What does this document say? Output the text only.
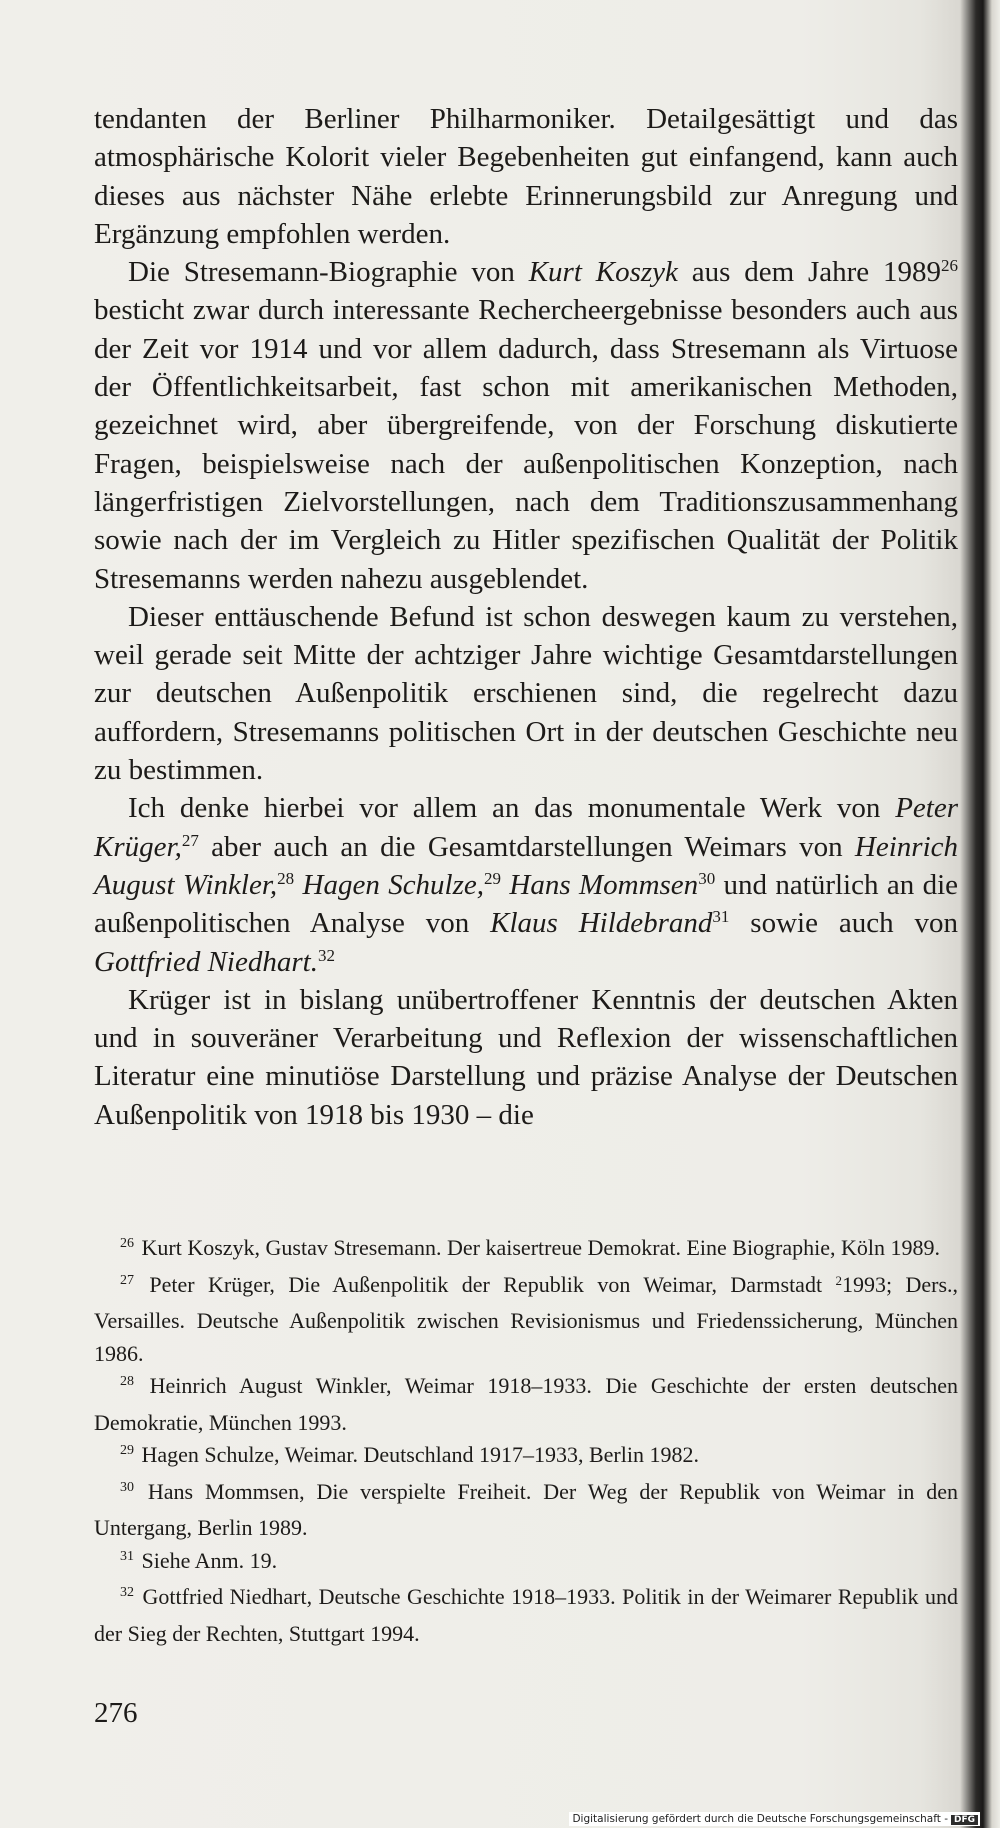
tendanten der Berliner Philharmoniker. Detailgesättigt und das atmosphärische Kolorit vieler Begebenheiten gut einfangend, kann auch dieses aus nächster Nähe erlebte Erinnerungsbild zur Anregung und Ergänzung empfohlen werden.

Die Stresemann-Biographie von Kurt Koszyk aus dem Jahre 1989$^{26}$ besticht zwar durch interessante Rechercheergebnisse besonders auch aus der Zeit vor 1914 und vor allem dadurch, dass Stresemann als Virtuose der Öffentlichkeitsarbeit, fast schon mit amerikanischen Methoden, gezeichnet wird, aber übergreifende, von der Forschung diskutierte Fragen, beispielsweise nach der außenpolitischen Konzeption, nach längerfristigen Zielvorstellungen, nach dem Traditionszusammenhang sowie nach der im Vergleich zu Hitler spezifischen Qualität der Politik Stresemanns werden nahezu ausgeblendet.

Dieser enttäuschende Befund ist schon deswegen kaum zu verstehen, weil gerade seit Mitte der achtziger Jahre wichtige Gesamtdarstellungen zur deutschen Außenpolitik erschienen sind, die regelrecht dazu auffordern, Stresemanns politischen Ort in der deutschen Geschichte neu zu bestimmen.

Ich denke hierbei vor allem an das monumentale Werk von Peter Krüger,$^{27}$ aber auch an die Gesamtdarstellungen Weimars von Heinrich August Winkler,$^{28}$ Hagen Schulze,$^{29}$ Hans Mommsen$^{30}$ und natürlich an die außenpolitischen Analyse von Klaus Hildebrand$^{31}$ sowie auch von Gottfried Niedhart.$^{32}$

Krüger ist in bislang unübertroffener Kenntnis der deutschen Akten und in souveräner Verarbeitung und Reflexion der wissenschaftlichen Literatur eine minutiöse Darstellung und präzise Analyse der Deutschen Außenpolitik von 1918 bis 1930 – die

$^{26}$ Kurt Koszyk, Gustav Stresemann. Der kaisertreue Demokrat. Eine Biographie, Köln 1989.

$^{27}$ Peter Krüger, Die Außenpolitik der Republik von Weimar, Darmstadt $^2$1993; Ders., Versailles. Deutsche Außenpolitik zwischen Revisionismus und Friedenssicherung, München 1986.

$^{28}$ Heinrich August Winkler, Weimar 1918–1933. Die Geschichte der ersten deutschen Demokratie, München 1993.

$^{29}$ Hagen Schulze, Weimar. Deutschland 1917–1933, Berlin 1982.

$^{30}$ Hans Mommsen, Die verspielte Freiheit. Der Weg der Republik von Weimar in den Untergang, Berlin 1989.

$^{31}$ Siehe Anm. 19.

$^{32}$ Gottfried Niedhart, Deutsche Geschichte 1918–1933. Politik in der Weimarer Republik und der Sieg der Rechten, Stuttgart 1994.

276
Digitalisierung gefördert durch die Deutsche Forschungsgemeinschaft - DFG
